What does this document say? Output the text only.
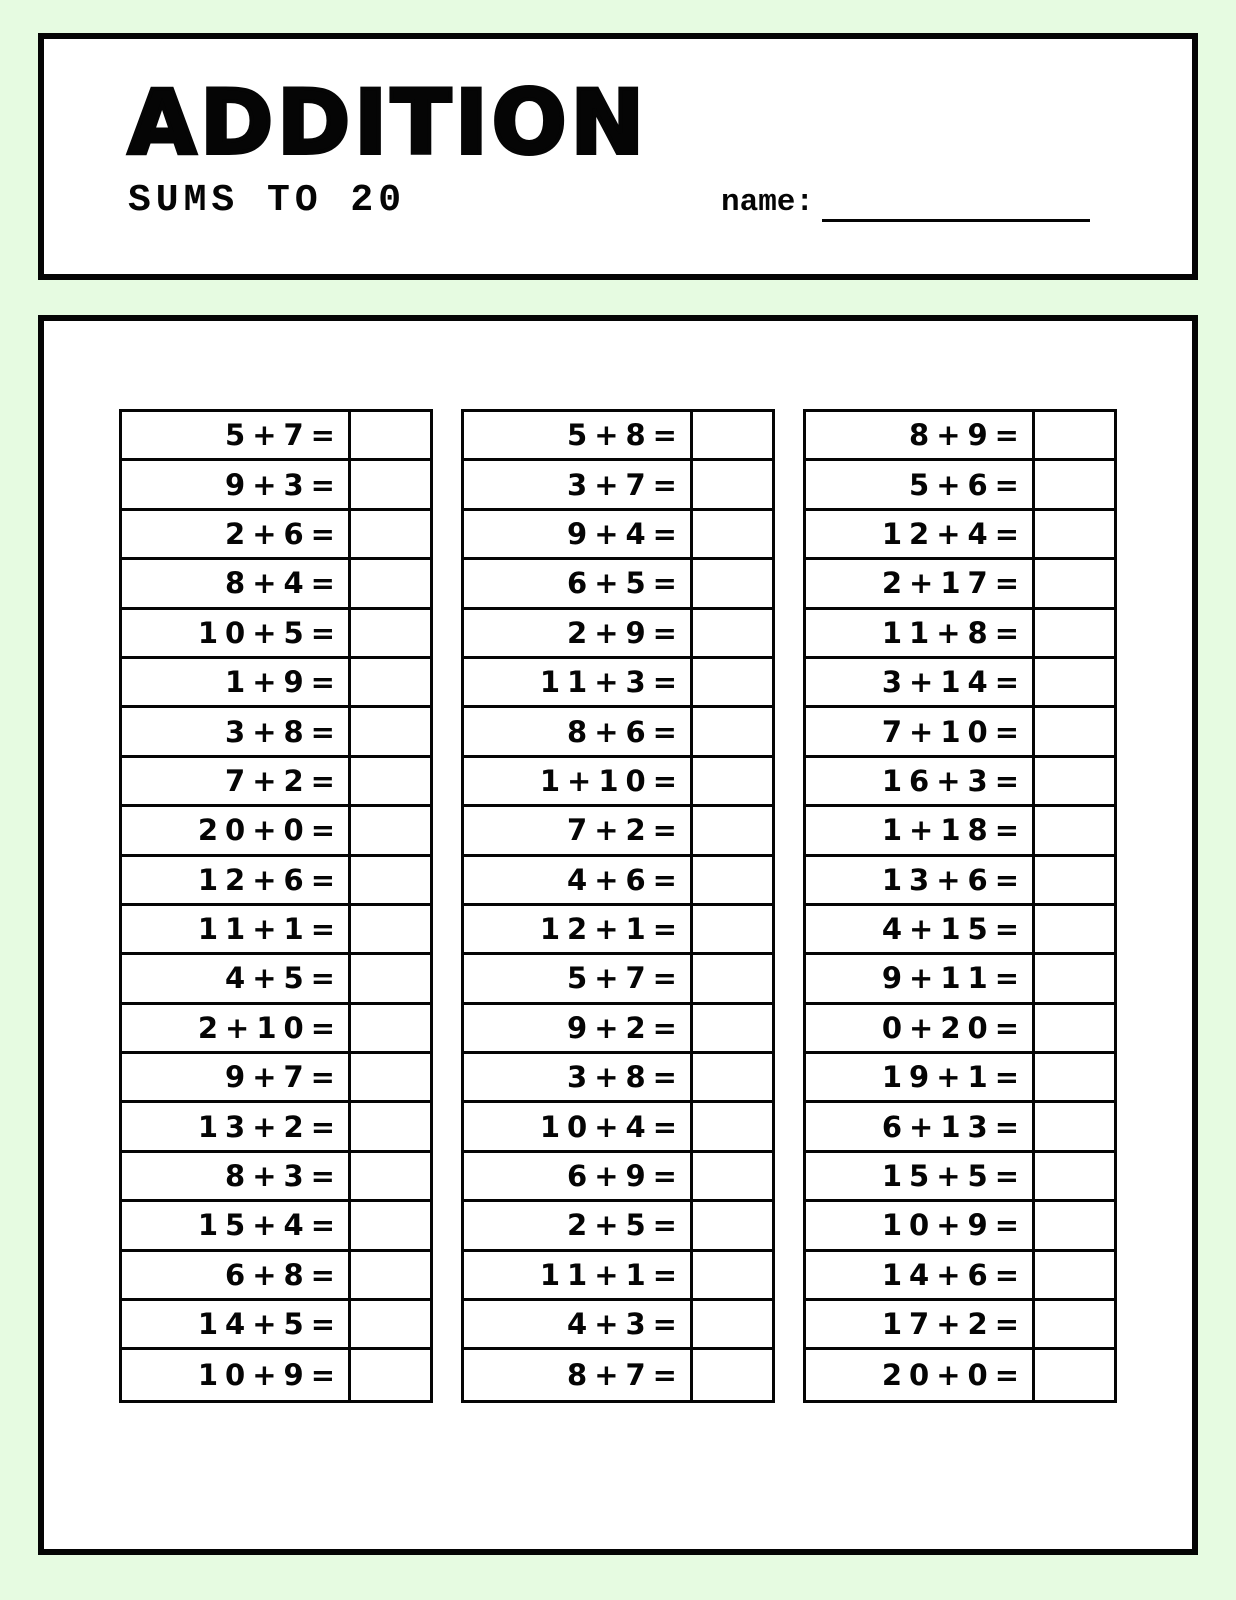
ADDITION
SUMS TO 20	name:
5+7=
9+3=
2+6=
8+4=
10+5=
1+9=
3+8=
7+2=
20+0=
12+6=
11+1=
4+5=
2+10=
9+7=
13+2=
8+3=
15+4=
6+8=
14+5=
10+9=
5+8=
3+7=
9+4=
6+5=
2+9=
11+3=
8+6=
1+10=
7+2=
4+6=
12+1=
5+7=
9+2=
3+8=
10+4=
6+9=
2+5=
11+1=
4+3=
8+7=
8+9=
5+6=
12+4=
2+17=
11+8=
3+14=
7+10=
16+3=
1+18=
13+6=
4+15=
9+11=
0+20=
19+1=
6+13=
15+5=
10+9=
14+6=
17+2=
20+0=
